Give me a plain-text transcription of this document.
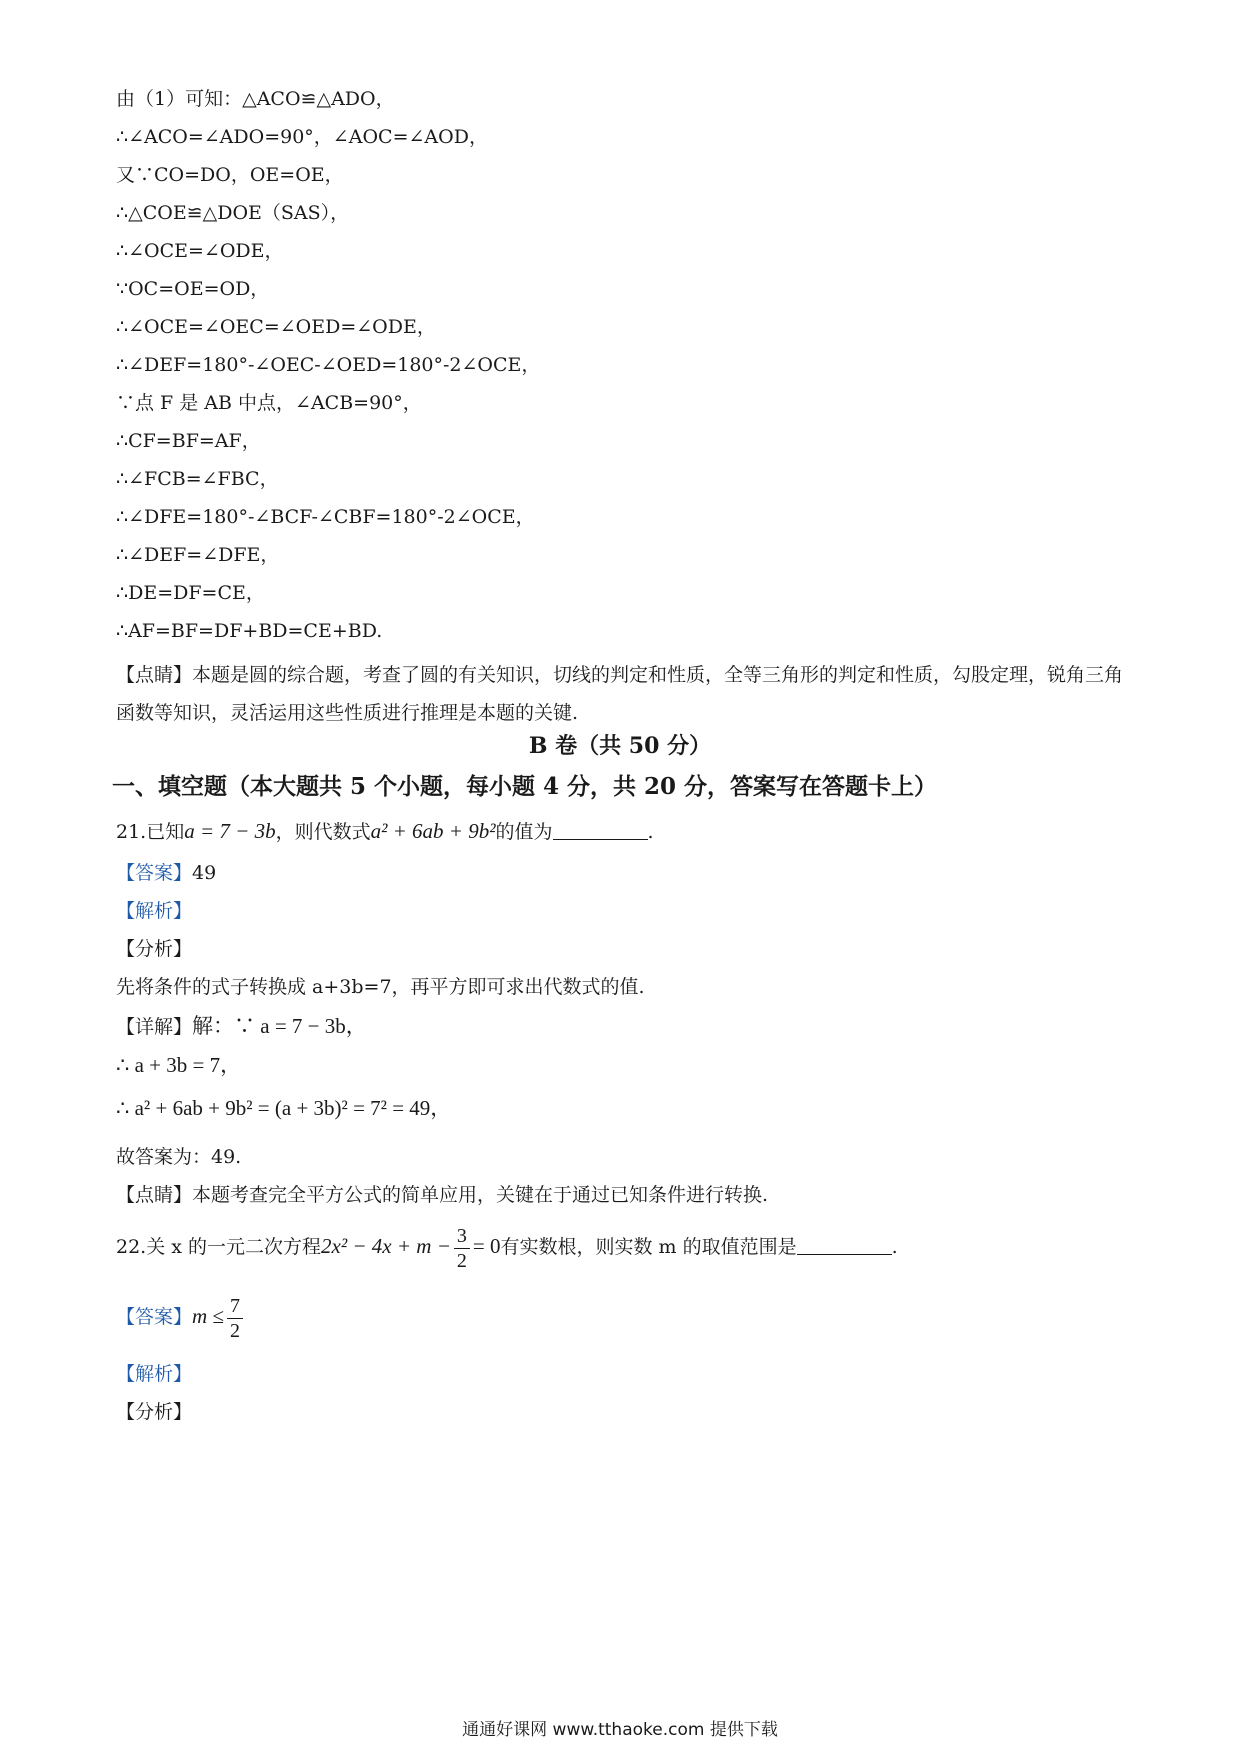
由（1）可知：△ACO≌△ADO，
∴∠ACO=∠ADO=90°，∠AOC=∠AOD，
又∵CO=DO，OE=OE，
∴△COE≌△DOE（SAS），
∴∠OCE=∠ODE，
∵OC=OE=OD，
∴∠OCE=∠OEC=∠OED=∠ODE，
∴∠DEF=180°-∠OEC-∠OED=180°-2∠OCE，
∵点 F 是 AB 中点，∠ACB=90°，
∴CF=BF=AF，
∴∠FCB=∠FBC，
∴∠DFE=180°-∠BCF-∠CBF=180°-2∠OCE，
∴∠DEF=∠DFE，
∴DE=DF=CE，
∴AF=BF=DF+BD=CE+BD.
【点睛】本题是圆的综合题，考查了圆的有关知识，切线的判定和性质，全等三角形的判定和性质，勾股定理，锐角三角函数等知识，灵活运用这些性质进行推理是本题的关键.
B 卷（共 50 分）
一、填空题（本大题共 5 个小题，每小题 4 分，共 20 分，答案写在答题卡上）
21.已知a = 7 − 3b，则代数式a² + 6ab + 9b²的值为	.
【答案】49
【解析】
【分析】
先将条件的式子转换成 a+3b=7，再平方即可求出代数式的值.
【详解】解：∵ a = 7 − 3b，
∴ a + 3b = 7，
∴ a² + 6ab + 9b² = (a + 3b)² = 7² = 49，
故答案为：49.
【点睛】本题考查完全平方公式的简单应用，关键在于通过已知条件进行转换.
22.关 x 的一元二次方程$2x^2 - 4x + m - \frac{3}{2} = 0$有实数根，则实数 m 的取值范围是	.
【答案】$m \le \frac{7}{2}$
【解析】
【分析】
通通好课网 www.tthaoke.com 提供下载
